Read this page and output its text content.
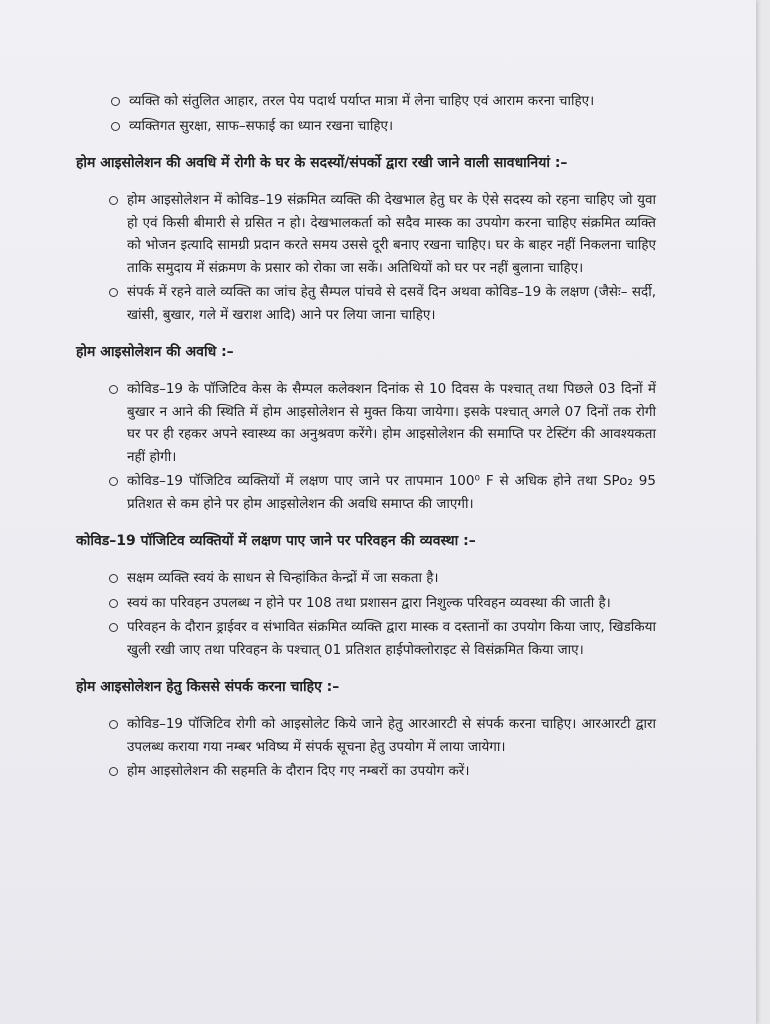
व्यक्ति को संतुलित आहार, तरल पेय पदार्थ पर्याप्त मात्रा में लेना चाहिए एवं आराम करना चाहिए।
व्यक्तिगत सुरक्षा, साफ–सफाई का ध्यान रखना चाहिए।
होम आइसोलेशन की अवधि में रोगी के घर के सदस्यों/संपर्को द्वारा रखी जाने वाली सावधानियां :–
होम आइसोलेशन में कोविड–19 संक्रमित व्यक्ति की देखभाल हेतु घर के ऐसे सदस्य को रहना चाहिए जो युवा हो एवं किसी बीमारी से ग्रसित न हो। देखभालकर्ता को सदैव मास्क का उपयोग करना चाहिए संक्रमित व्यक्ति को भोजन इत्यादि सामग्री प्रदान करते समय उससे दूरी बनाए रखना चाहिए। घर के बाहर नहीं निकलना चाहिए ताकि समुदाय में संक्रमण के प्रसार को रोका जा सकें। अतिथियों को घर पर नहीं बुलाना चाहिए।
संपर्क में रहने वाले व्यक्ति का जांच हेतु सैम्पल पांचवे से दसवें दिन अथवा कोविड–19 के लक्षण (जैसेः– सर्दी, खांसी, बुखार, गले में खराश आदि) आने पर लिया जाना चाहिए।
होम आइसोलेशन की अवधि :–
कोविड–19 के पॉजिटिव केस के सैम्पल कलेक्शन दिनांक से 10 दिवस के पश्चात् तथा पिछले 03 दिनों में बुखार न आने की स्थिति में होम आइसोलेशन से मुक्त किया जायेगा। इसके पश्चात् अगले 07 दिनों तक रोगी घर पर ही रहकर अपने स्वास्थ्य का अनुश्रवण करेंगे। होम आइसोलेशन की समाप्ति पर टेस्टिंग की आवश्यकता नहीं होगी।
कोविड–19 पॉजिटिव व्यक्तियों में लक्षण पाए जाने पर तापमान 100⁰ F से अधिक होने तथा SPo₂ 95 प्रतिशत से कम होने पर होम आइसोलेशन की अवधि समाप्त की जाएगी।
कोविड–19 पॉजिटिव व्यक्तियों में लक्षण पाए जाने पर परिवहन की व्यवस्था :–
सक्षम व्यक्ति स्वयं के साधन से चिन्हांकित केन्द्रों में जा सकता है।
स्वयं का परिवहन उपलब्ध न होने पर 108 तथा प्रशासन द्वारा निशुल्क परिवहन व्यवस्था की जाती है।
परिवहन के दौरान ड्राईवर व संभावित संक्रमित व्यक्ति द्वारा मास्क व दस्तानों का उपयोग किया जाए, खिडकिया खुली रखी जाए तथा परिवहन के पश्चात् 01 प्रतिशत हाईपोक्लोराइट से विसंक्रमित किया जाए।
होम आइसोलेशन हेतु किससे संपर्क करना चाहिए :–
कोविड–19 पॉजिटिव रोगी को आइसोलेट किये जाने हेतु आरआरटी से संपर्क करना चाहिए। आरआरटी द्वारा उपलब्ध कराया गया नम्बर भविष्य में संपर्क सूचना हेतु उपयोग में लाया जायेगा।
होम आइसोलेशन की सहमति के दौरान दिए गए नम्बरों का उपयोग करें।
